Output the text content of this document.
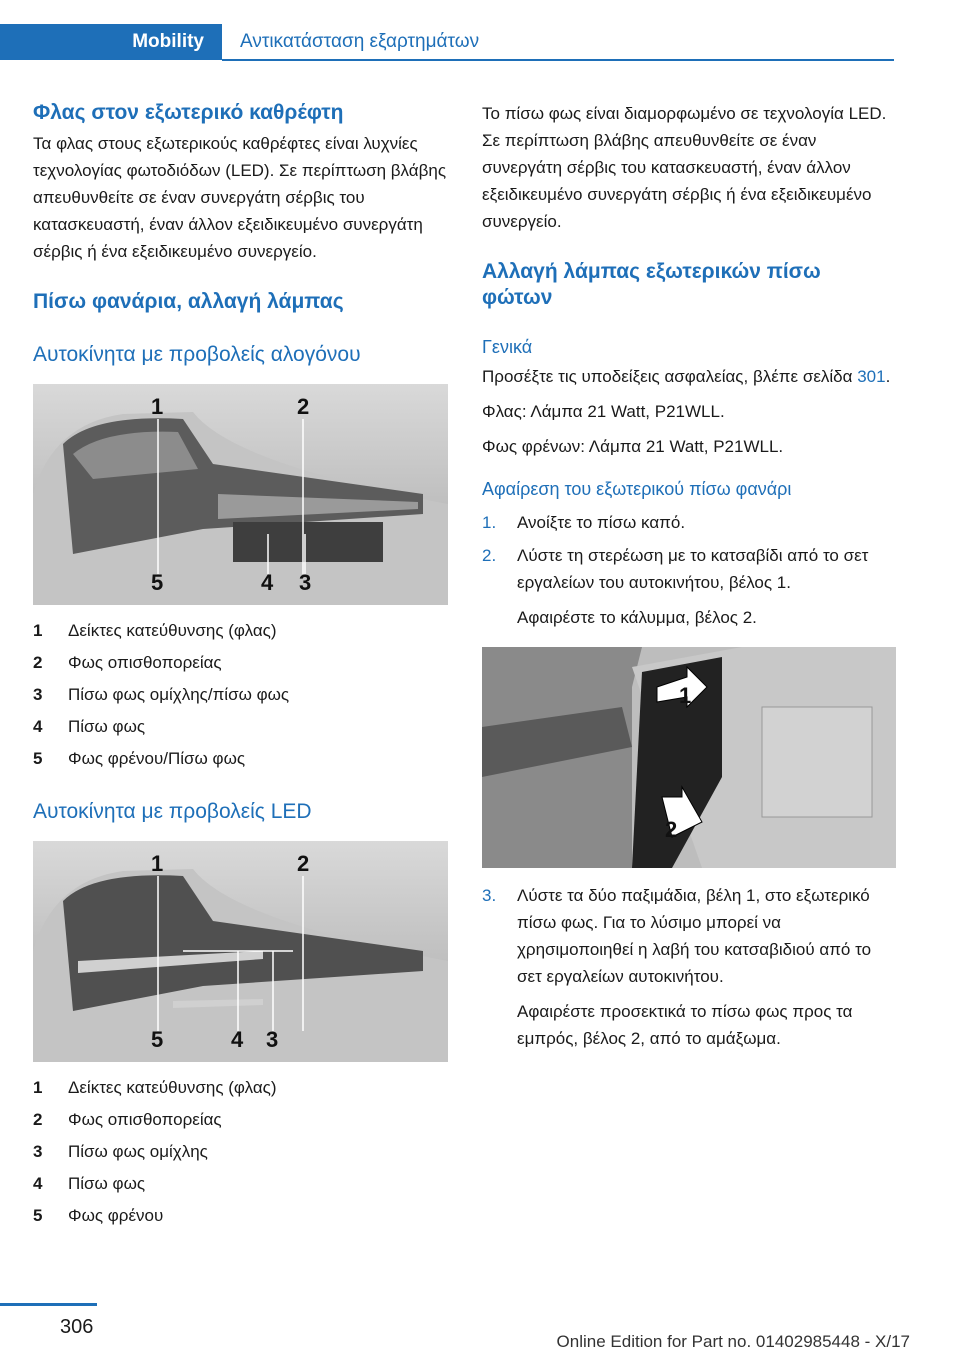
Mobility	Αντικατάσταση εξαρτημάτων
Φλας στον εξωτερικό καθρέφτη

Τα φλας στους εξωτερικούς καθρέφτες είναι λυχνίες τεχνολογίας φωτοδιόδων (LED). Σε περίπτωση βλάβης απευθυνθείτε σε έναν συνεργάτη σέρβις του κατασκευαστή, έναν άλλον εξειδικευμένο συνεργάτη σέρβις ή ένα εξειδικευμένο συνεργείο.

Πίσω φανάρια, αλλαγή λάμπας
Αυτοκίνητα με προβολείς αλογόνου
1	2
5	4 3
1	Δείκτες κατεύθυνσης (φλας)
2	Φως οπισθοπορείας
3	Πίσω φως ομίχλης/πίσω φως
4	Πίσω φως
5	Φως φρένου/Πίσω φως
Αυτοκίνητα με προβολείς LED
1	2
5	4 3
1	Δείκτες κατεύθυνσης (φλας)
2	Φως οπισθοπορείας
3	Πίσω φως ομίχλης
4	Πίσω φως
5	Φως φρένου

Το πίσω φως είναι διαμορφωμένο σε τεχνολογία LED. Σε περίπτωση βλάβης απευθυνθείτε σε έναν συνεργάτη σέρβις του κατασκευαστή, έναν άλλον εξειδικευμένο συνεργάτη σέρβις ή ένα εξειδικευμένο συνεργείο.

Αλλαγή λάμπας εξωτερικών πίσω φώτων
Γενικά

Προσέξτε τις υποδείξεις ασφαλείας, βλέπε σελίδα 301.

Φλας: Λάμπα 21 Watt, P21WLL.

Φως φρένων: Λάμπα 21 Watt, P21WLL.

Αφαίρεση του εξωτερικού πίσω φανάρι
1.	Ανοίξτε το πίσω καπό.
2.	Λύστε τη στερέωση με το κατσαβίδι από το σετ εργαλείων του αυτοκινήτου, βέλος 1.

Αφαιρέστε το κάλυμμα, βέλος 2.
1
2
3.	Λύστε τα δύο παξιμάδια, βέλη 1, στο εξωτερικό πίσω φως. Για το λύσιμο μπορεί να χρησιμοποιηθεί η λαβή του κατσαβιδιού από το σετ εργαλείων αυτοκινήτου.

Αφαιρέστε προσεκτικά το πίσω φως προς τα εμπρός, βέλος 2, από το αμάξωμα.
306
Online Edition for Part no. 01402985448 - X/17
